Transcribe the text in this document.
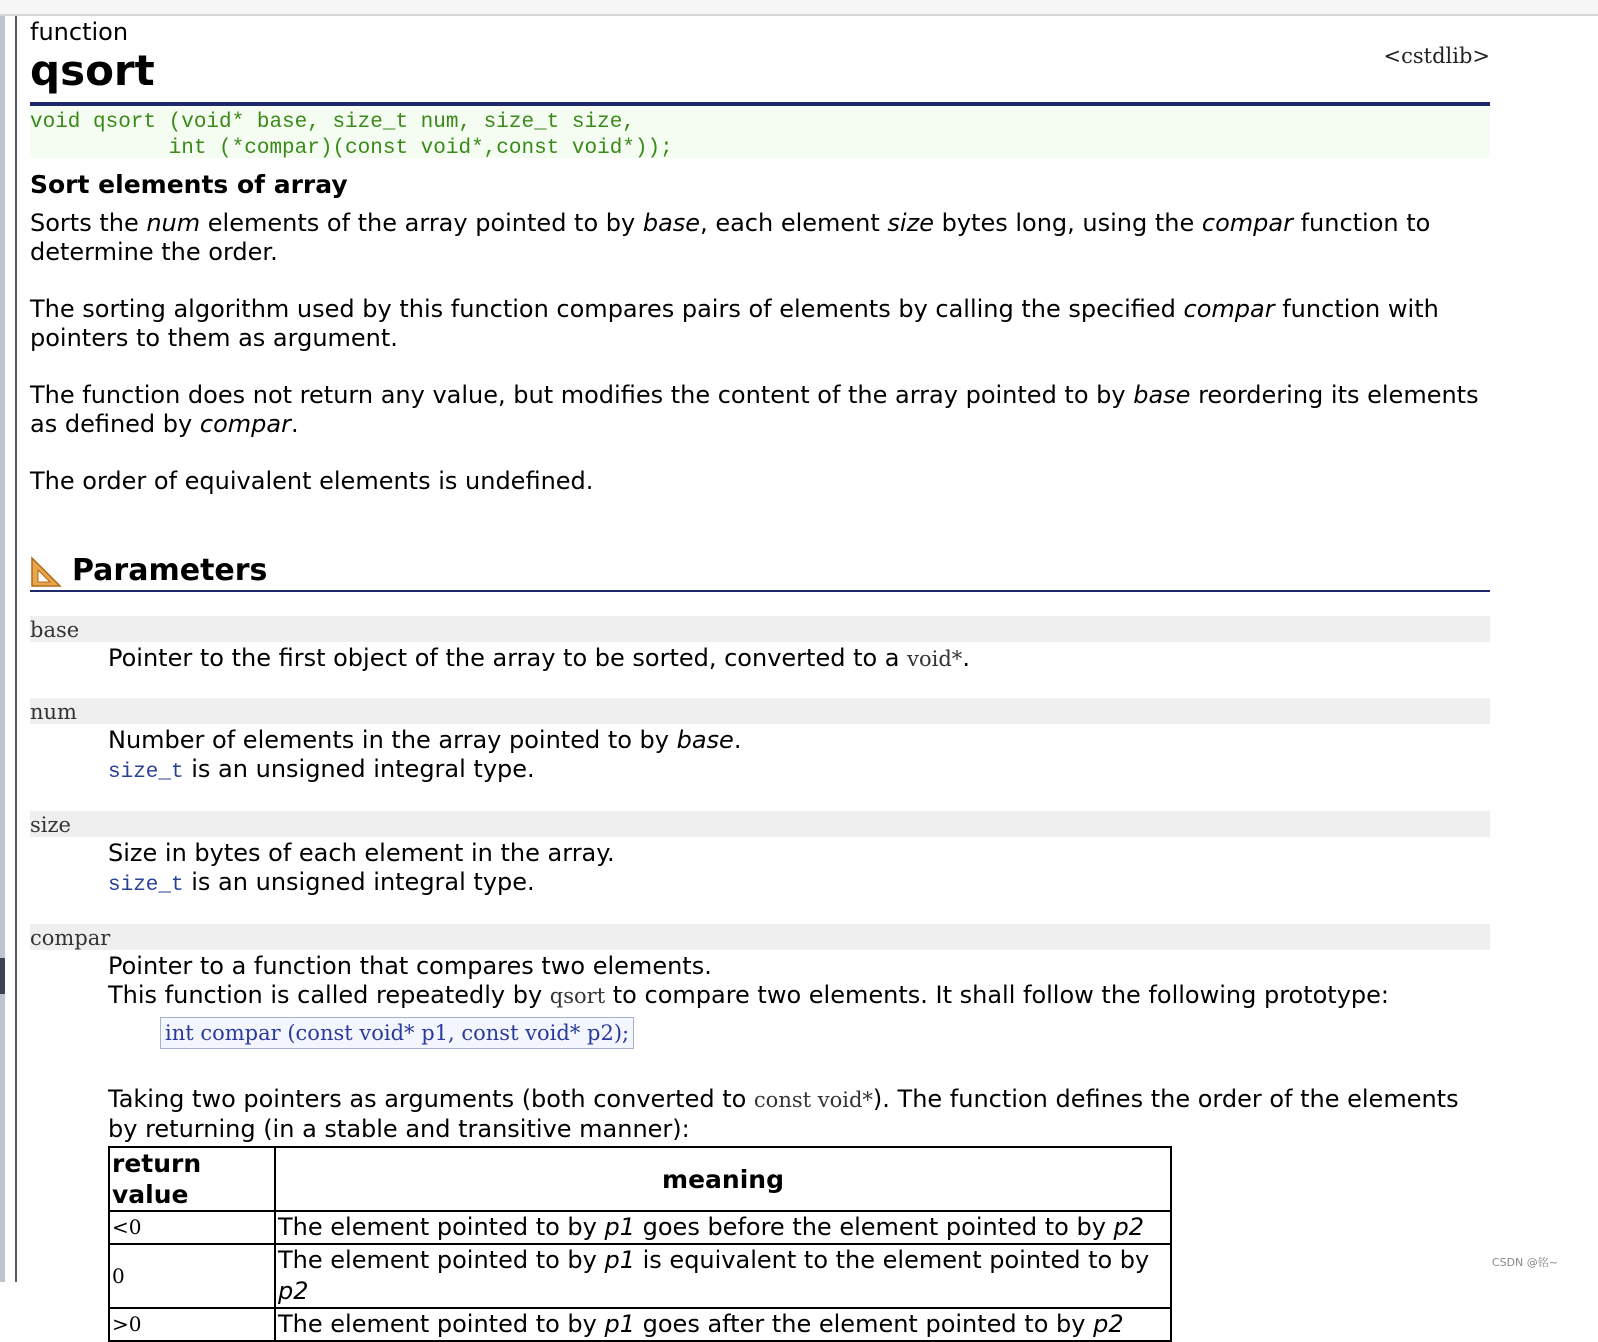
function
qsort	<cstdlib>
void qsort (void* base, size_t num, size_t size,
int (*compar)(const void*,const void*));
Sort elements of array

Sorts the num elements of the array pointed to by base, each element size bytes long, using the compar function to determine the order.

The sorting algorithm used by this function compares pairs of elements by calling the specified compar function with pointers to them as argument.

The function does not return any value, but modifies the content of the array pointed to by base reordering its elements as defined by compar.

The order of equivalent elements is undefined.

Parameters
base
Pointer to the first object of the array to be sorted, converted to a void*.
num
Number of elements in the array pointed to by base.
size_t is an unsigned integral type.
size
Size in bytes of each element in the array.
size_t is an unsigned integral type.
compar
Pointer to a function that compares two elements.
This function is called repeatedly by qsort to compare two elements. It shall follow the following prototype:
int compar (const void* p1, const void* p2);
Taking two pointers as arguments (both converted to const void*). The function defines the order of the elements by returning (in a stable and transitive manner):
return value	meaning
<0	The element pointed to by p1 goes before the element pointed to by p2
0	The element pointed to by p1 is equivalent to the element pointed to by p2
>0	The element pointed to by p1 goes after the element pointed to by p2
CSDN @铭~
